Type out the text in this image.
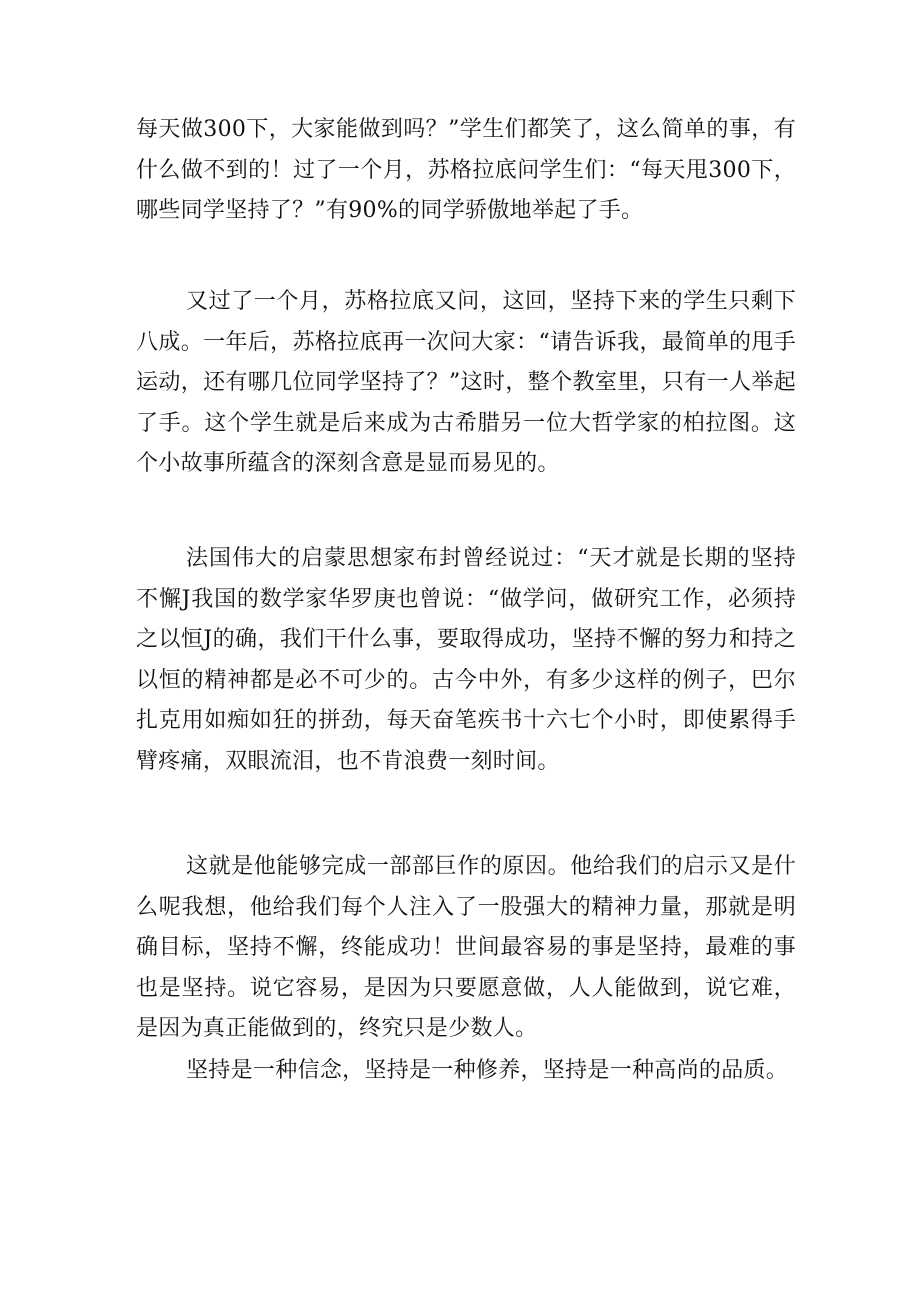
每天做300下，大家能做到吗？”学生们都笑了，这么简单的事，有什么做不到的！过了一个月，苏格拉底问学生们：“每天甩300下，哪些同学坚持了？”有90%的同学骄傲地举起了手。

又过了一个月，苏格拉底又问，这回，坚持下来的学生只剩下八成。一年后，苏格拉底再一次问大家：“请告诉我，最简单的甩手运动，还有哪几位同学坚持了？”这时，整个教室里，只有一人举起了手。这个学生就是后来成为古希腊另一位大哲学家的柏拉图。这个小故事所蕴含的深刻含意是显而易见的。

法国伟大的启蒙思想家布封曾经说过：“天才就是长期的坚持不懈J我国的数学家华罗庚也曾说：“做学问，做研究工作，必须持之以恒J的确，我们干什么事，要取得成功，坚持不懈的努力和持之以恒的精神都是必不可少的。古今中外，有多少这样的例子，巴尔扎克用如痴如狂的拼劲，每天奋笔疾书十六七个小时，即使累得手臂疼痛，双眼流泪，也不肯浪费一刻时间。

这就是他能够完成一部部巨作的原因。他给我们的启示又是什么呢我想，他给我们每个人注入了一股强大的精神力量，那就是明确目标，坚持不懈，终能成功！世间最容易的事是坚持，最难的事也是坚持。说它容易，是因为只要愿意做，人人能做到，说它难，是因为真正能做到的，终究只是少数人。

坚持是一种信念，坚持是一种修养，坚持是一种高尚的品质。
